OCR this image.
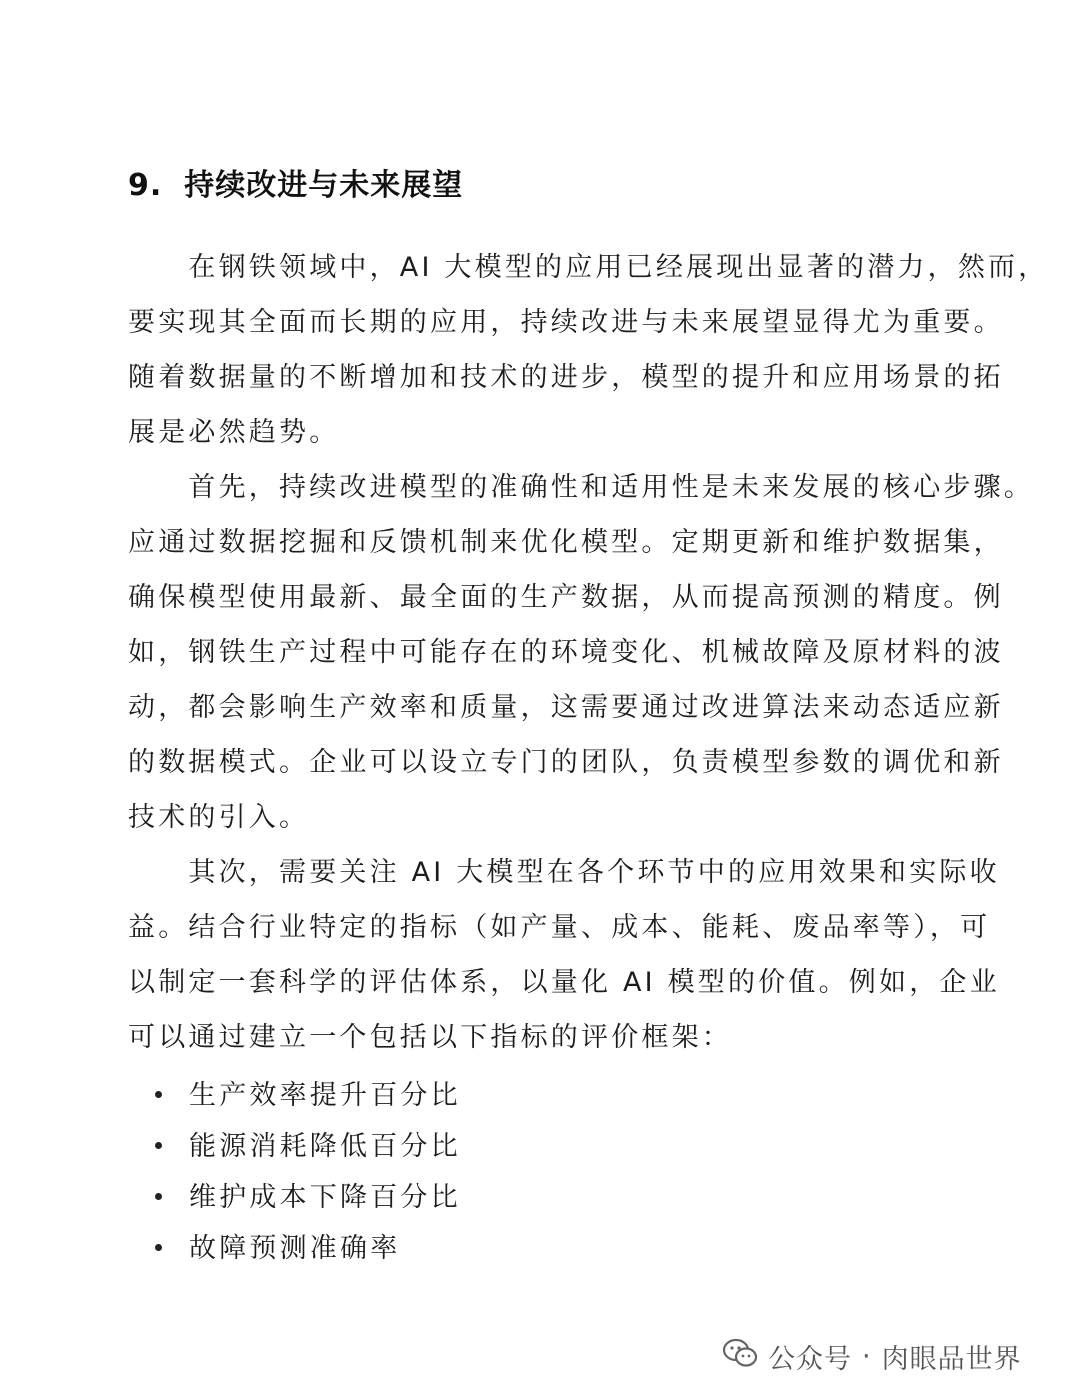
9. 持续改进与未来展望
　　在钢铁领域中，AI 大模型的应用已经展现出显著的潜力，然而，
要实现其全面而长期的应用，持续改进与未来展望显得尤为重要。
随着数据量的不断增加和技术的进步，模型的提升和应用场景的拓
展是必然趋势。
　　首先，持续改进模型的准确性和适用性是未来发展的核心步骤。
应通过数据挖掘和反馈机制来优化模型。定期更新和维护数据集，
确保模型使用最新、最全面的生产数据，从而提高预测的精度。例
如，钢铁生产过程中可能存在的环境变化、机械故障及原材料的波
动，都会影响生产效率和质量，这需要通过改进算法来动态适应新
的数据模式。企业可以设立专门的团队，负责模型参数的调优和新
技术的引入。
　　其次，需要关注 AI 大模型在各个环节中的应用效果和实际收
益。结合行业特定的指标（如产量、成本、能耗、废品率等），可
以制定一套科学的评估体系，以量化 AI 模型的价值。例如，企业
可以通过建立一个包括以下指标的评价框架：
生产效率提升百分比
能源消耗降低百分比
维护成本下降百分比
故障预测准确率
公众号 · 肉眼品世界
